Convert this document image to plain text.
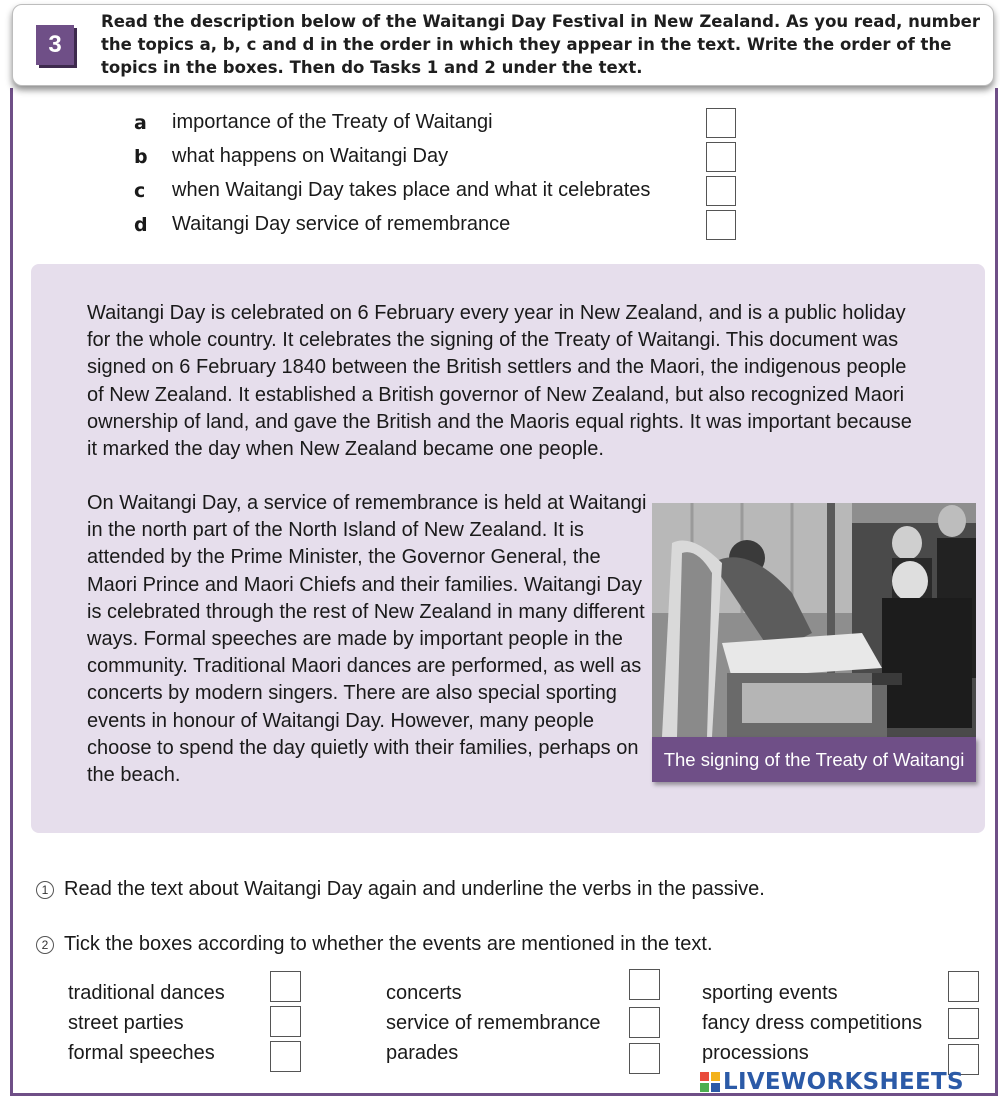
3
Read the description below of the Waitangi Day Festival in New Zealand. As you read, number the topics a, b, c and d in the order in which they appear in the text. Write the order of the topics in the boxes. Then do Tasks 1 and 2 under the text.
a importance of the Treaty of Waitangi
b what happens on Waitangi Day
c when Waitangi Day takes place and what it celebrates
d Waitangi Day service of remembrance
Waitangi Day is celebrated on 6 February every year in New Zealand, and is a public holiday for the whole country. It celebrates the signing of the Treaty of Waitangi. This document was signed on 6 February 1840 between the British settlers and the Maori, the indigenous people of New Zealand. It established a British governor of New Zealand, but also recognized Maori ownership of land, and gave the British and the Maoris equal rights. It was important because it marked the day when New Zealand became one people.
On Waitangi Day, a service of remembrance is held at Waitangi in the north part of the North Island of New Zealand. It is attended by the Prime Minister, the Governor General, the Maori Prince and Maori Chiefs and their families. Waitangi Day is celebrated through the rest of New Zealand in many different ways. Formal speeches are made by important people in the community. Traditional Maori dances are performed, as well as concerts by modern singers. There are also special sporting events in honour of Waitangi Day. However, many people choose to spend the day quietly with their families, perhaps on the beach.
The signing of the Treaty of Waitangi
1 Read the text about Waitangi Day again and underline the verbs in the passive.
2 Tick the boxes according to whether the events are mentioned in the text.
traditional dances
street parties
formal speeches
concerts
service of remembrance
parades
sporting events
fancy dress competitions
processions
LIVEWORKSHEETS
